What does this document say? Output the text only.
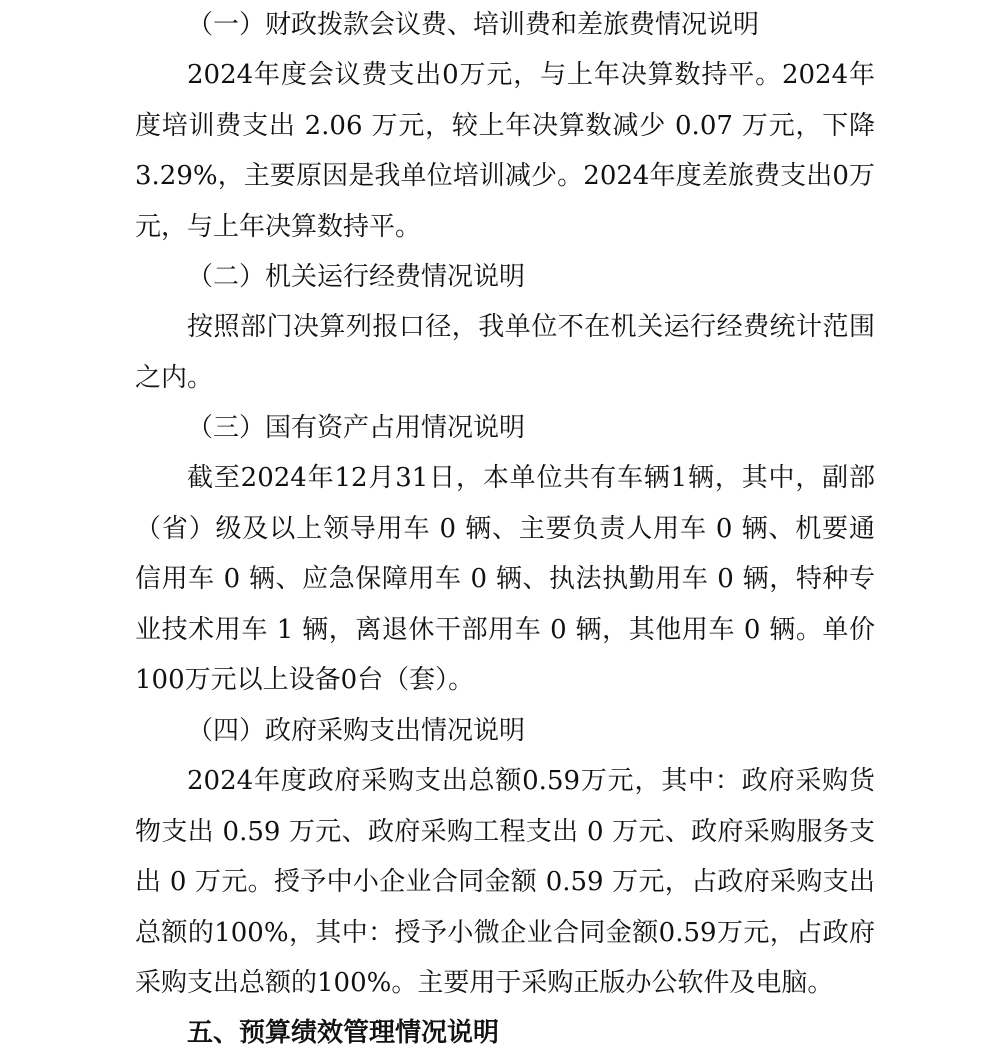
（一）财政拨款会议费、培训费和差旅费情况说明
2024年度会议费支出0万元，与上年决算数持平。2024年度培训费支出 2.06 万元，较上年决算数减少 0.07 万元，下降3.29%，主要原因是我单位培训减少。2024年度差旅费支出0万元，与上年决算数持平。
（二）机关运行经费情况说明
按照部门决算列报口径，我单位不在机关运行经费统计范围之内。
（三）国有资产占用情况说明
截至2024年12月31日，本单位共有车辆1辆，其中，副部（省）级及以上领导用车 0 辆、主要负责人用车 0 辆、机要通信用车 0 辆、应急保障用车 0 辆、执法执勤用车 0 辆，特种专业技术用车 1 辆，离退休干部用车 0 辆，其他用车 0 辆。单价100万元以上设备0台（套）。
（四）政府采购支出情况说明
2024年度政府采购支出总额0.59万元，其中：政府采购货物支出 0.59 万元、政府采购工程支出 0 万元、政府采购服务支出 0 万元。授予中小企业合同金额 0.59 万元，占政府采购支出总额的100%，其中：授予小微企业合同金额0.59万元，占政府采购支出总额的100%。主要用于采购正版办公软件及电脑。
五、预算绩效管理情况说明
